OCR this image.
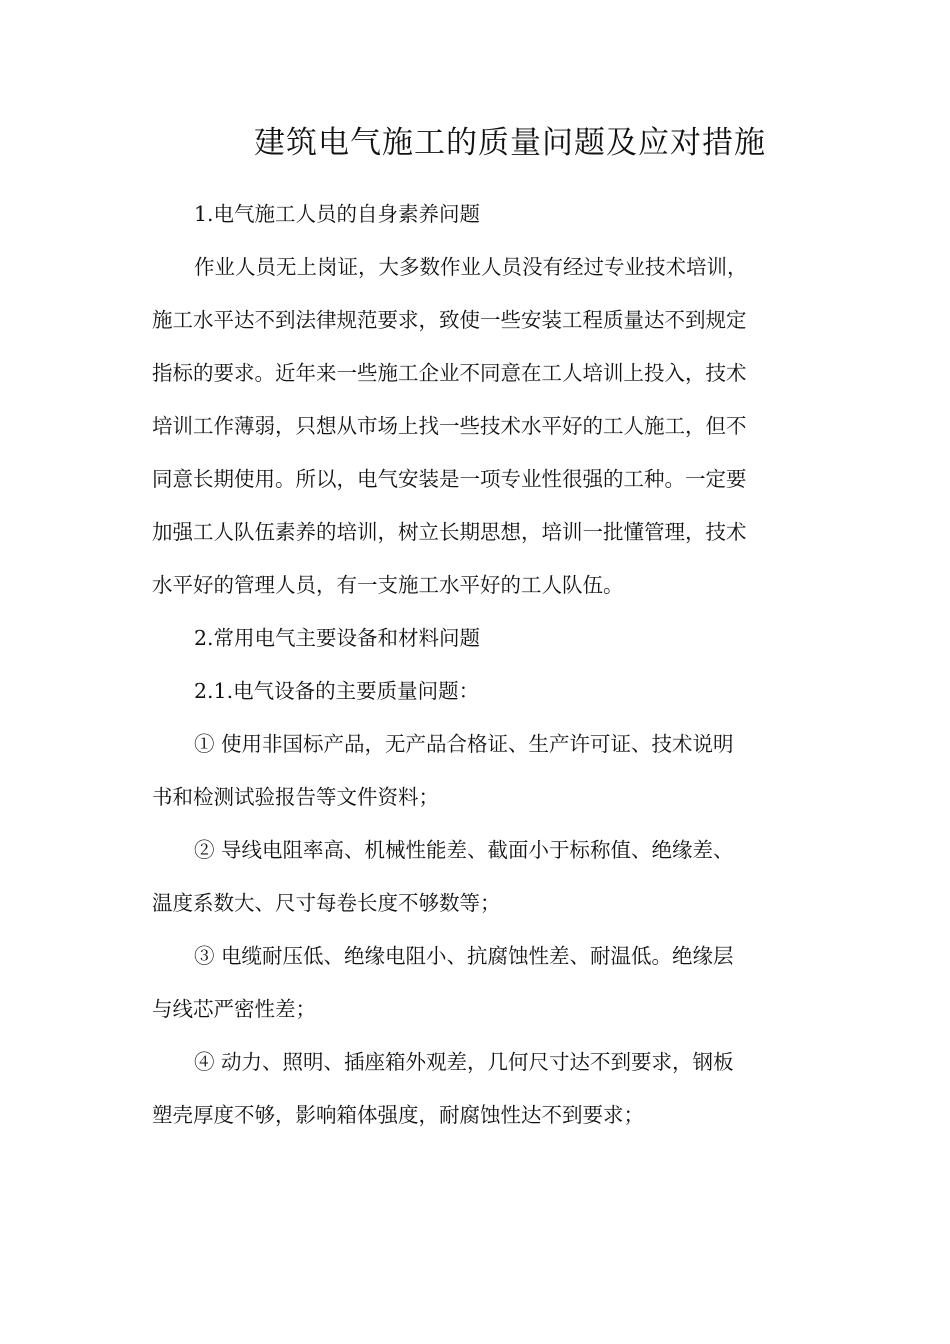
建筑电气施工的质量问题及应对措施

1.电气施工人员的自身素养问题

作业人员无上岗证，大多数作业人员没有经过专业技术培训，
施工水平达不到法律规范要求，致使一些安装工程质量达不到规定
指标的要求。近年来一些施工企业不同意在工人培训上投入，技术
培训工作薄弱，只想从市场上找一些技术水平好的工人施工，但不
同意长期使用。所以，电气安装是一项专业性很强的工种。一定要
加强工人队伍素养的培训，树立长期思想，培训一批懂管理，技术
水平好的管理人员，有一支施工水平好的工人队伍。

2.常用电气主要设备和材料问题

2.1.电气设备的主要质量问题：

① 使用非国标产品，无产品合格证、生产许可证、技术说明
书和检测试验报告等文件资料；

② 导线电阻率高、机械性能差、截面小于标称值、绝缘差、
温度系数大、尺寸每卷长度不够数等；

③ 电缆耐压低、绝缘电阻小、抗腐蚀性差、耐温低。绝缘层
与线芯严密性差；

④ 动力、照明、插座箱外观差，几何尺寸达不到要求，钢板
塑壳厚度不够，影响箱体强度，耐腐蚀性达不到要求；
